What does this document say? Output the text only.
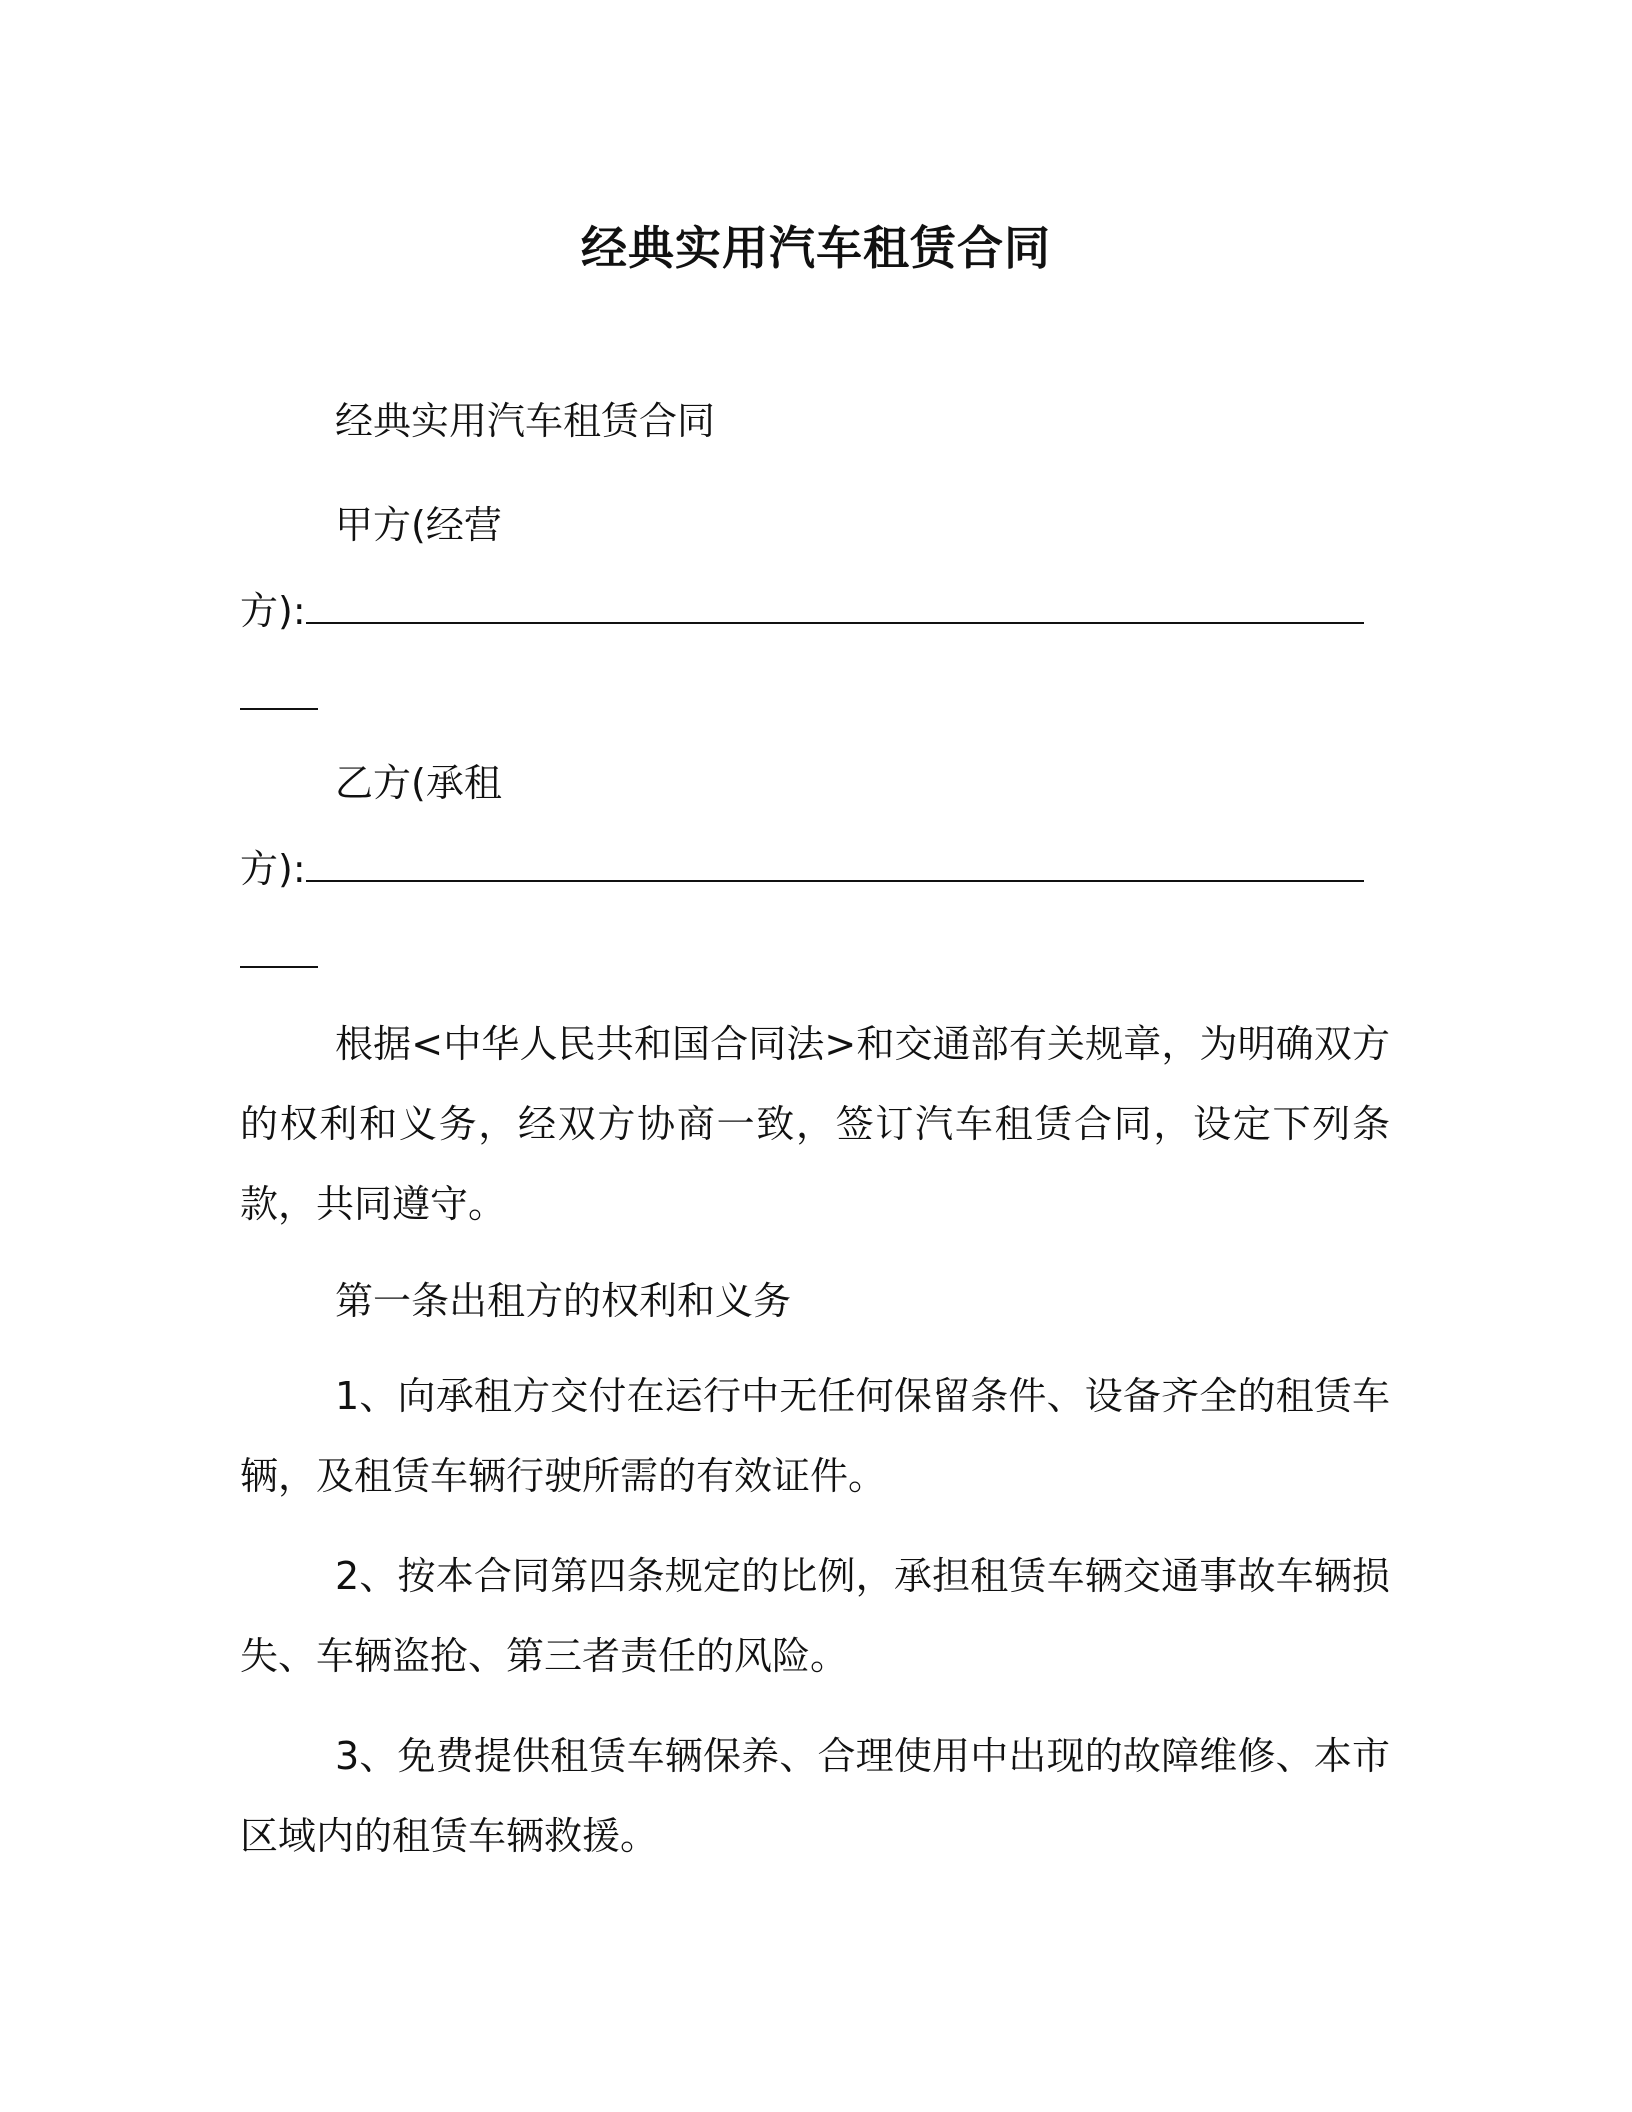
经典实用汽车租赁合同
经典实用汽车租赁合同
甲方(经营
方):
乙方(承租
方):
根据<中华人民共和国合同法>和交通部有关规章，为明确双方的权利和义务，经双方协商一致，签订汽车租赁合同，设定下列条款，共同遵守。
第一条出租方的权利和义务
1、向承租方交付在运行中无任何保留条件、设备齐全的租赁车辆，及租赁车辆行驶所需的有效证件。
2、按本合同第四条规定的比例，承担租赁车辆交通事故车辆损失、车辆盗抢、第三者责任的风险。
3、免费提供租赁车辆保养、合理使用中出现的故障维修、本市区域内的租赁车辆救援。
